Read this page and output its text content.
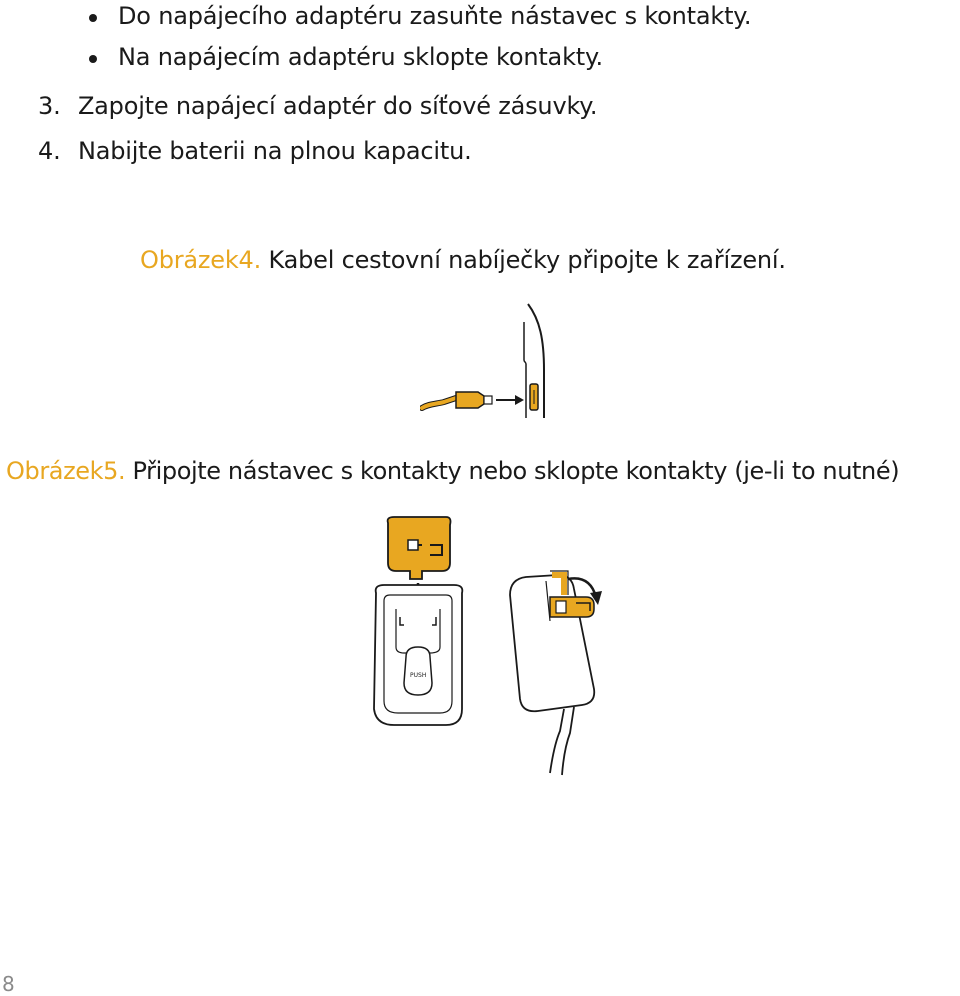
Do napájecího adaptéru zasuňte nástavec s kontakty.
Na napájecím adaptéru sklopte kontakty.
3. Zapojte napájecí adaptér do síťové zásuvky.
4. Nabijte baterii na plnou kapacitu.
Obrázek4. Kabel cestovní nabíječky připojte k zařízení.
Obrázek5. Připojte nástavec s kontakty nebo sklopte kontakty (je-li to nutné)
PUSH
8
